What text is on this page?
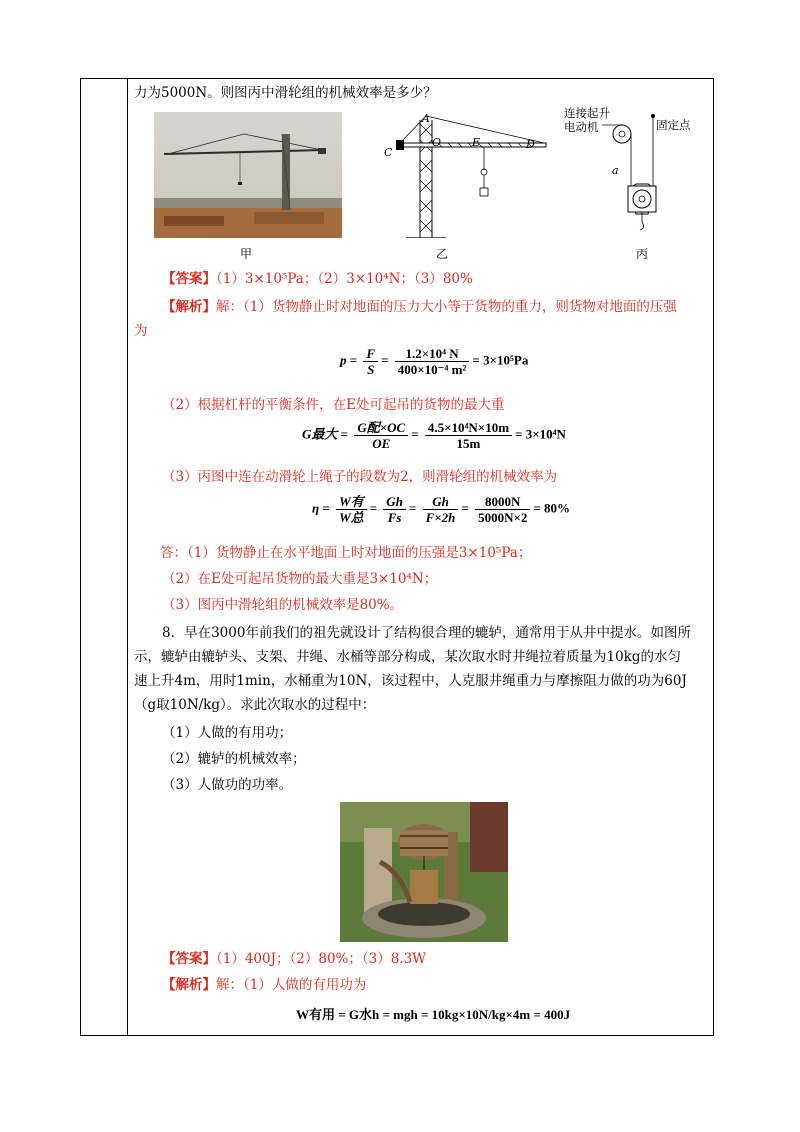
力为5000N。则图丙中滑轮组的机械效率是多少？
甲
A
C
O	E	D
乙
连接起升
电动机	固定点
a
丙
【答案】（1）3×10⁵Pa；（2）3×10⁴N；（3）80%
【解析】解：（1）货物静止时对地面的压力大小等于货物的重力，则货物对地面的压强
为
$p = \frac{F}{S} = \frac{\text{1.2×10⁴ N}}{\text{400×10⁻⁴ m²}} = 3\times 10^5Pa$
（2）根据杠杆的平衡条件，在E处可起吊的货物的最大重
G最大 = $\frac{\text{G配×OC}}{OE} = \frac{\text{4.5×10⁴N×10m}}{15m} = 3\times 10^4N$
（3）丙图中连在动滑轮上绳子的段数为2，则滑轮组的机械效率为
$\eta = \frac{\text{W有}}{\text{W总}} = \frac{Gh}{Fs} = \frac{Gh}{F\times 2h} = \frac{8000N}{5000N\times 2} = 80\%$
答：（1）货物静止在水平地面上时对地面的压强是3×10⁵Pa；
（2）在E处可起吊货物的最大重是3×10⁴N；
（3）图丙中滑轮组的机械效率是80%。
8．早在3000年前我们的祖先就设计了结构很合理的辘轳，通常用于从井中提水。如图所
示，辘轳由辘轳头、支架、井绳、水桶等部分构成，某次取水时井绳拉着质量为10kg的水匀
速上升4m，用时1min，水桶重为10N，该过程中，人克服井绳重力与摩擦阻力做的功为60J
（g取10N/kg）。求此次取水的过程中：
（1）人做的有用功；
（2）辘轳的机械效率；
（3）人做功的功率。
【答案】（1）400J；（2）80%；（3）8.3W
【解析】解：（1）人做的有用功为
W有用 = G水h = mgh = 10kg×10N/kg×4m = 400J
